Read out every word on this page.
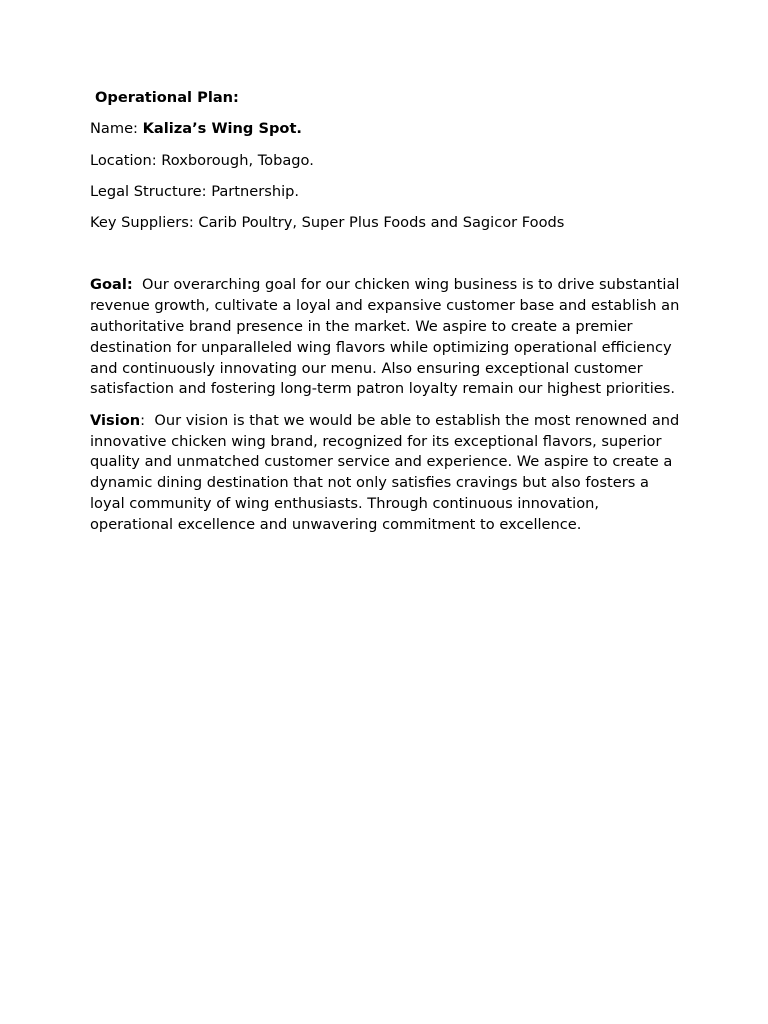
Operational Plan:
Name: Kaliza’s Wing Spot.
Location: Roxborough, Tobago.
Legal Structure: Partnership.
Key Suppliers: Carib Poultry, Super Plus Foods and Sagicor Foods
Goal:  Our overarching goal for our chicken wing business is to drive substantial revenue growth, cultivate a loyal and expansive customer base and establish an authoritative brand presence in the market. We aspire to create a premier destination for unparalleled wing flavors while optimizing operational efficiency and continuously innovating our menu. Also ensuring exceptional customer satisfaction and fostering long-term patron loyalty remain our highest priorities.
Vision:  Our vision is that we would be able to establish the most renowned and innovative chicken wing brand, recognized for its exceptional flavors, superior quality and unmatched customer service and experience. We aspire to create a dynamic dining destination that not only satisfies cravings but also fosters a loyal community of wing enthusiasts. Through continuous innovation, operational excellence and unwavering commitment to excellence.
